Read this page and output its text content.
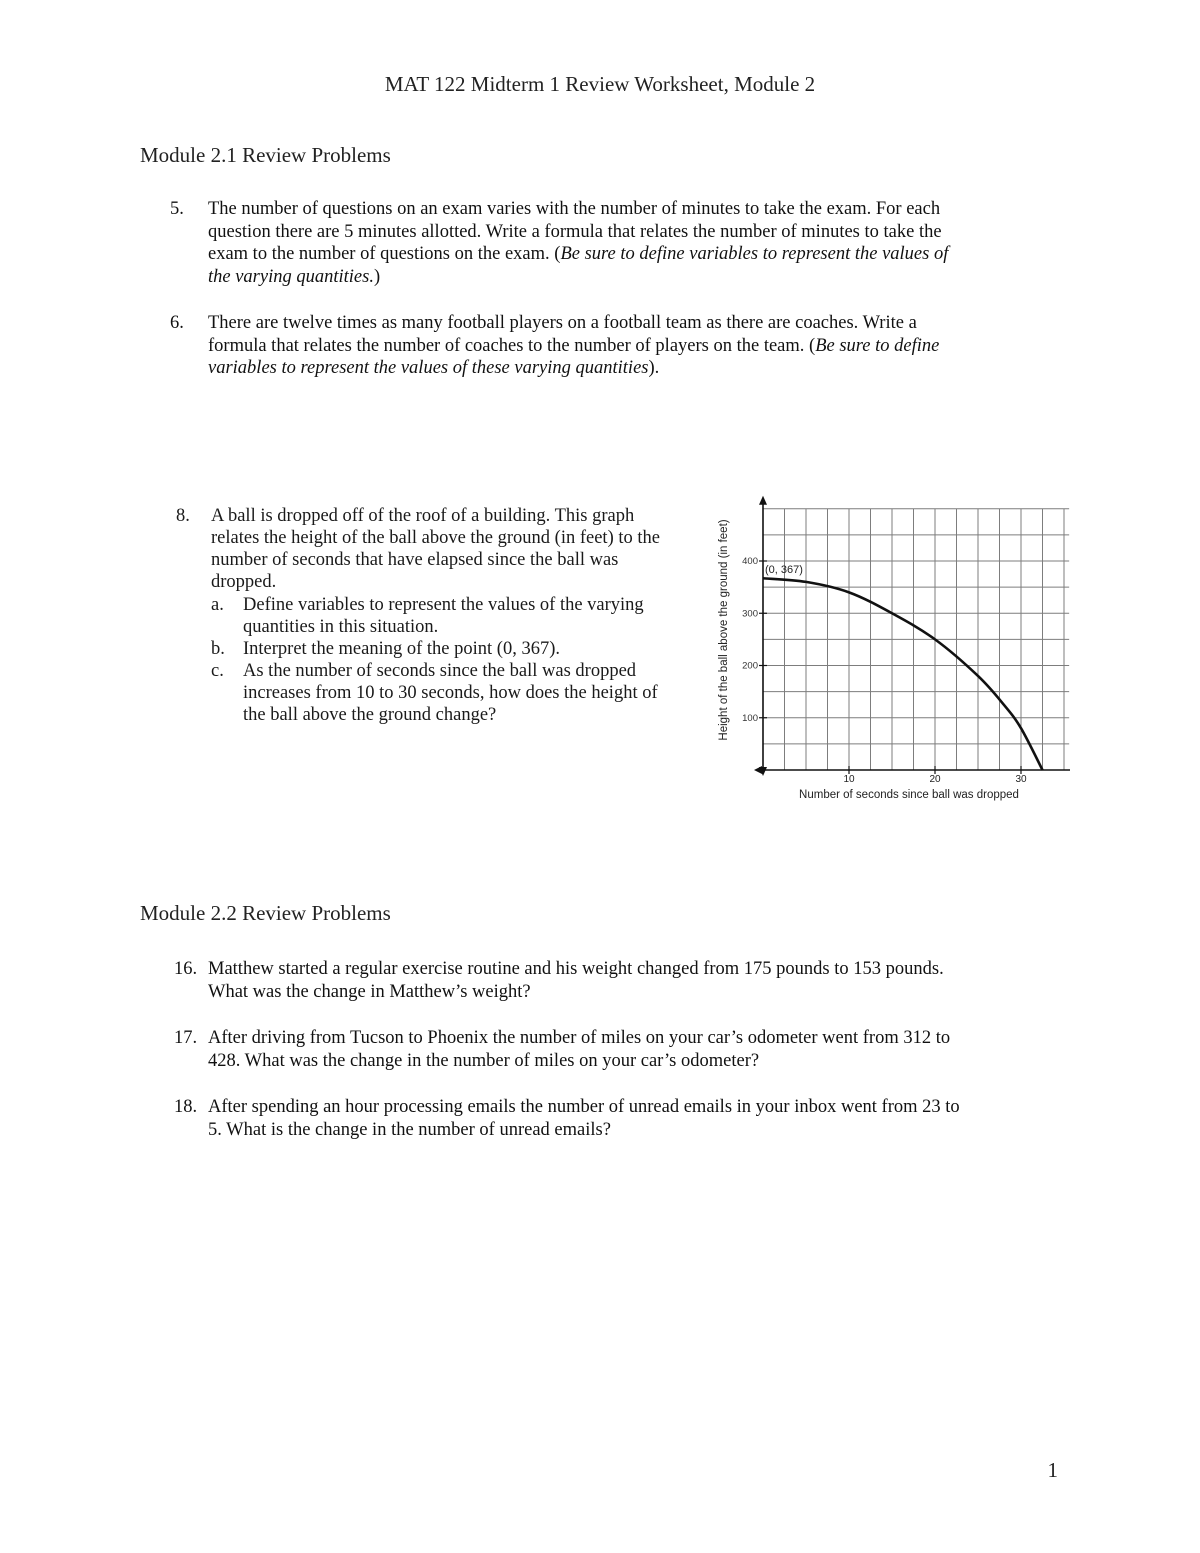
MAT 122 Midterm 1 Review Worksheet, Module 2
Module 2.1 Review Problems
5.	The number of questions on an exam varies with the number of minutes to take the exam. For each
question there are 5 minutes allotted. Write a formula that relates the number of minutes to take the
exam to the number of questions on the exam. (Be sure to define variables to represent the values of
the varying quantities.)
6.	There are twelve times as many football players on a football team as there are coaches. Write a
formula that relates the number of coaches to the number of players on the team. (Be sure to define
variables to represent the values of these varying quantities).
8. A ball is dropped off of the roof of a building. This graph
relates the height of the ball above the ground (in feet) to the
number of seconds that have elapsed since the ball was
dropped.
a. Define variables to represent the values of the varying
quantities in this situation.
b. Interpret the meaning of the point (0, 367).
c. As the number of seconds since the ball was dropped
increases from 10 to 30 seconds, how does the height of
the ball above the ground change?
10	20	30
100
200
300
400
(0, 367)
Number of seconds since ball was dropped
Height of the ball above the ground (in feet)
Module 2.2 Review Problems
16. Matthew started a regular exercise routine and his weight changed from 175 pounds to 153 pounds.
What was the change in Matthew’s weight?
17. After driving from Tucson to Phoenix the number of miles on your car’s odometer went from 312 to
428. What was the change in the number of miles on your car’s odometer?
18. After spending an hour processing emails the number of unread emails in your inbox went from 23 to
5. What is the change in the number of unread emails?
1
